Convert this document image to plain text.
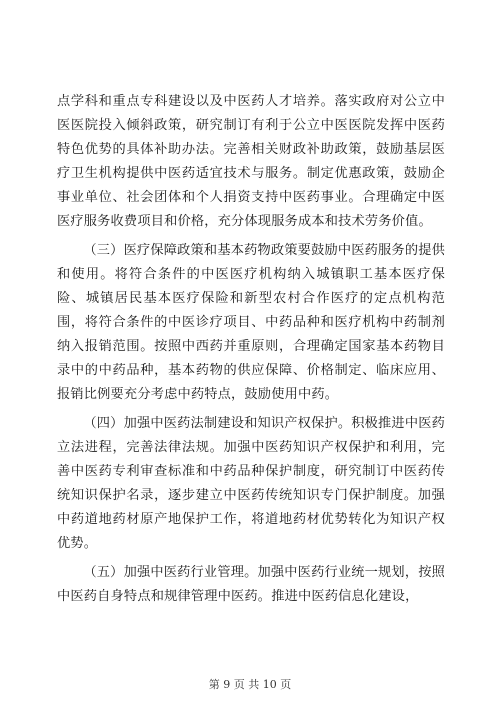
点学科和重点专科建设以及中医药人才培养。落实政府对公立中医医院投入倾斜政策，研究制订有利于公立中医医院发挥中医药特色优势的具体补助办法。完善相关财政补助政策，鼓励基层医疗卫生机构提供中医药适宜技术与服务。制定优惠政策，鼓励企事业单位、社会团体和个人捐资支持中医药事业。合理确定中医医疗服务收费项目和价格，充分体现服务成本和技术劳务价值。

（三）医疗保障政策和基本药物政策要鼓励中医药服务的提供和使用。将符合条件的中医医疗机构纳入城镇职工基本医疗保险、城镇居民基本医疗保险和新型农村合作医疗的定点机构范围，将符合条件的中医诊疗项目、中药品种和医疗机构中药制剂纳入报销范围。按照中西药并重原则，合理确定国家基本药物目录中的中药品种，基本药物的供应保障、价格制定、临床应用、报销比例要充分考虑中药特点，鼓励使用中药。

（四）加强中医药法制建设和知识产权保护。积极推进中医药立法进程，完善法律法规。加强中医药知识产权保护和利用，完善中医药专利审查标准和中药品种保护制度，研究制订中医药传统知识保护名录，逐步建立中医药传统知识专门保护制度。加强中药道地药材原产地保护工作，将道地药材优势转化为知识产权优势。

（五）加强中医药行业管理。加强中医药行业统一规划，按照中医药自身特点和规律管理中医药。推进中医药信息化建设，

第 9 页 共 10 页
